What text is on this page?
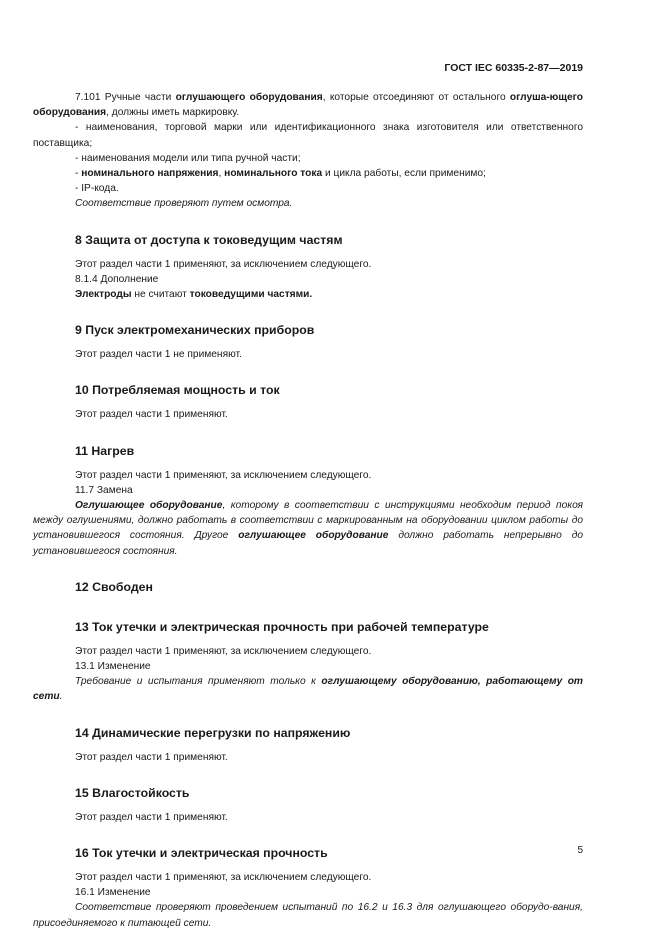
ГОСТ IEC 60335-2-87—2019

7.101 Ручные части оглушающего оборудования, которые отсоединяют от остального оглуша-ющего оборудования, должны иметь маркировку.

- наименования, торговой марки или идентификационного знака изготовителя или ответственного поставщика;

- наименования модели или типа ручной части;

- номинального напряжения, номинального тока и цикла работы, если применимо;

- IP-кода.

Соответствие проверяют путем осмотра.

8 Защита от доступа к токоведущим частям

Этот раздел части 1 применяют, за исключением следующего.

8.1.4 Дополнение

Электроды не считают токоведущими частями.

9 Пуск электромеханических приборов

Этот раздел части 1 не применяют.

10 Потребляемая мощность и ток

Этот раздел части 1 применяют.

11 Нагрев

Этот раздел части 1 применяют, за исключением следующего.

11.7 Замена

Оглушающее оборудование, которому в соответствии с инструкциями необходим период покоя между оглушениями, должно работать в соответствии с маркированным на оборудовании циклом работы до установившегося состояния. Другое оглушающее оборудование должно работать непрерывно до установившегося состояния.

12 Свободен
13 Ток утечки и электрическая прочность при рабочей температуре

Этот раздел части 1 применяют, за исключением следующего.

13.1 Изменение

Требование и испытания применяют только к оглушающему оборудованию, работающему от сети.

14 Динамические перегрузки по напряжению

Этот раздел части 1 применяют.

15 Влагостойкость

Этот раздел части 1 применяют.

16 Ток утечки и электрическая прочность

Этот раздел части 1 применяют, за исключением следующего.

16.1 Изменение

Соответствие проверяют проведением испытаний по 16.2 и 16.3 для оглушающего оборудо-вания, присоединяемого к питающей сети.

5
